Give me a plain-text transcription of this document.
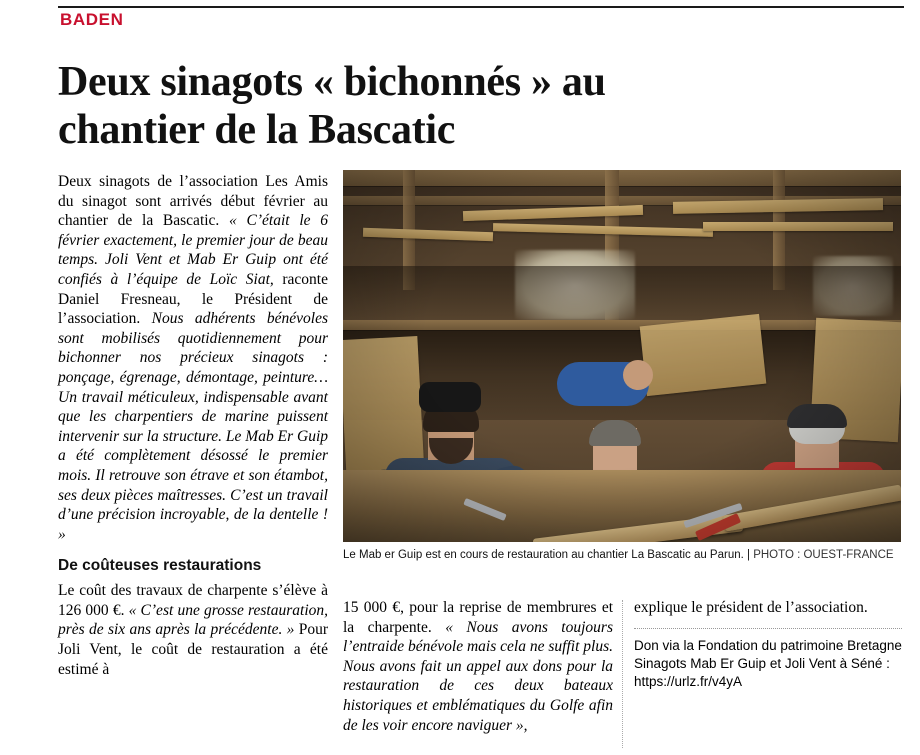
BADEN
Deux sinagots « bichonnés » au chantier de la Bascatic

Deux sinagots de l’association Les Amis du sinagot sont arrivés début février au chantier de la Bascatic. « C’était le 6 février exactement, le premier jour de beau temps. Joli Vent et Mab Er Guip ont été confiés à l’équipe de Loïc Siat, raconte Daniel Fresneau, le Président de l’association. Nous adhérents bénévoles sont mobilisés quotidiennement pour bichonner nos précieux sinagots : ponçage, égrenage, démontage, peinture… Un travail méticuleux, indispensable avant que les charpentiers de marine puissent intervenir sur la structure. Le Mab Er Guip a été complètement désossé le premier mois. Il retrouve son étrave et son étambot, ses deux pièces maîtresses. C’est un travail d’une précision incroyable, de la dentelle ! »

De coûteuses restaurations

Le coût des travaux de charpente s’élève à 126 000 €. « C’est une grosse restauration, près de six ans après la précédente. » Pour Joli Vent, le coût de restauration a été estimé à

Le Mab er Guip est en cours de restauration au chantier La Bascatic au Parun. | PHOTO : OUEST-FRANCE

15 000 €, pour la reprise de membrures et la charpente. « Nous avons toujours l’entraide bénévole mais cela ne suffit plus. Nous avons fait un appel aux dons pour la restauration de ces deux bateaux historiques et emblématiques du Golfe afin de les voir encore naviguer »,

explique le président de l’association.

Don via la Fondation du patrimoine Bretagne Sinagots Mab Er Guip et Joli Vent à Séné : https://urlz.fr/v4yA
